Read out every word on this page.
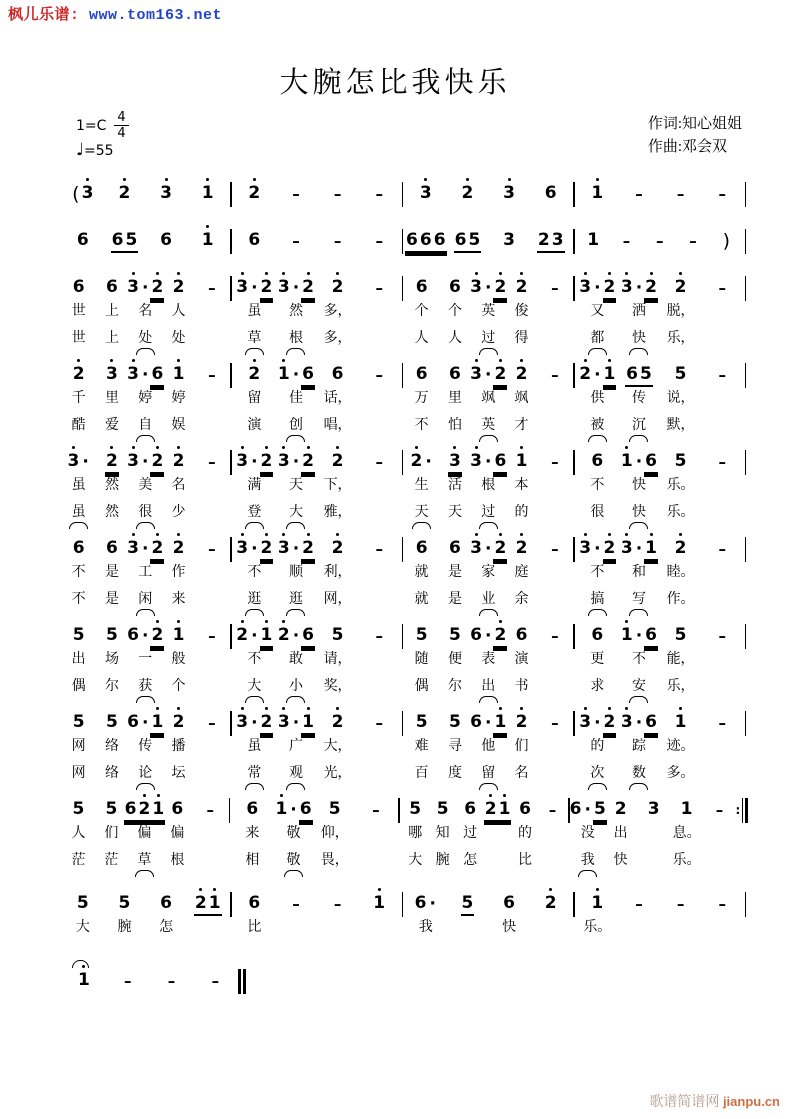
枫儿乐谱: www.tom163.net
大腕怎比我快乐
$1=C \frac{4}{4}$
♩=55
作词:知心姐姐
作曲:邓会双
( 3 2 3 1 2 – – – 3 2 3 6 1 – – –
6 6 5 6 1 6 – – – 6 6 6 6 5 3 2 3 1 – – – )
6
世
世
6
上
上
3 · 2
名
处
2
人
处
– 3 · 2
虽
草
3 · 2
然
根
2
多，
多，
– 6
个
人
6
个
人
3 · 2
英
过
2
俊
得
– 3 · 2
又
都
3 · 2
洒
快
2
脱，
乐，
–
2
千
酷
3
里
爱
3 · 6
婷
自
1
婷
娱
– 2
留
演
1 · 6
佳
创
6
话，
唱，
– 6
万
不
6
里
怕
3 · 2
飒
英
2
飒
才
– 2 · 1
供
被
6 5
传
沉
5
说，
默，
–
3 ·
虽
虽
2
然
然
3 · 2
美
很
2
名
少
– 3 · 2
满
登
3 · 2
天
大
2
下，
雅，
– 2 ·
生
天
3
活
天
3 · 6
根
过
1
本
的
– 6
不
很
1 · 6
快
快
5
乐。
乐。
–
6
不
不
6
是
是
3 · 2
工
闲
2
作
来
– 3 · 2
不
逛
3 · 2
顺
逛
2
利，
网，
– 6
就
就
6
是
是
3 · 2
家
业
2
庭
余
– 3 · 2
不
搞
3 · 1
和
写
2
睦。
作。
–
5
出
偶
5
场
尔
6 · 2
一
获
1
般
个
– 2 · 1
不
大
2 · 6
敢
小
5
请，
奖，
– 5
随
偶
5
便
尔
6 · 2
表
出
6
演
书
– 6
更
求
1 · 6
不
安
5
能，
乐，
–
5
网
网
5
络
络
6 · 1
传
论
2
播
坛
– 3 · 2
虽
常
3 · 1
广
观
2
大，
光，
– 5
难
百
5
寻
度
6 · 1
他
留
2
们
名
– 3 · 2
的
次
3 · 6
踪
数
1
迹。
多。
–
5
人
茫
5
们
茫
6 2 1
偏
草
6
偏
根
– 6
来
相
1 · 6
敬
敬
5
仰，
畏，
– 5
哪
大
5
知
腕
6
过
怎
2 1 6
的
比
– 6 · 5
没
我
2
出
快
3 1
息。
乐。
– ∶
5
大
5
腕
6
怎
2 1 6
比
– – 1 6 ·
我
5 6
快
2 1
乐。
– – –
1 – – –
歌谱简谱网 jianpu.cn
